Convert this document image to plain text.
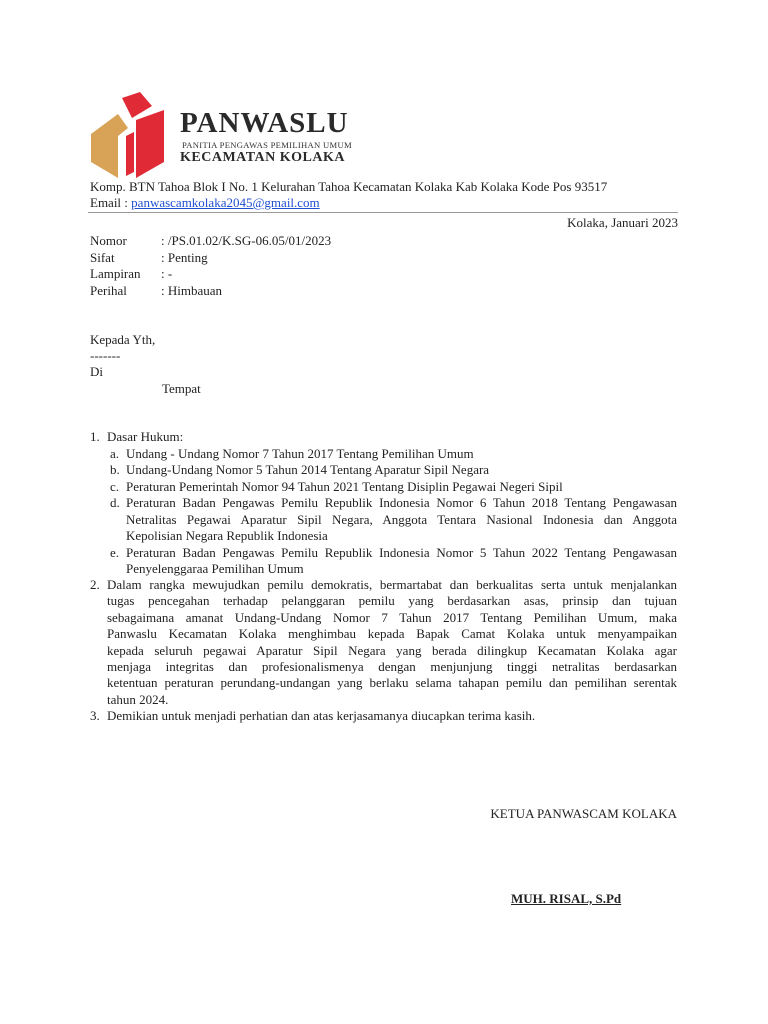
PANWASLU
PANITIA PENGAWAS PEMILIHAN UMUM
KECAMATAN KOLAKA
Komp. BTN Tahoa Blok I No. 1 Kelurahan Tahoa Kecamatan Kolaka Kab Kolaka Kode Pos 93517
Email : panwascamkolaka2045@gmail.com
Kolaka, Januari 2023
Nomor	: /PS.01.02/K.SG-06.05/01/2023
Sifat	: Penting
Lampiran : -
Perihal	: Himbauan
Kepada Yth,
-------
Di
Tempat
1. Dasar Hukum:
a. Undang - Undang Nomor 7 Tahun 2017 Tentang Pemilihan Umum
b. Undang-Undang Nomor 5 Tahun 2014 Tentang Aparatur Sipil Negara
c. Peraturan Pemerintah Nomor 94 Tahun 2021 Tentang Disiplin Pegawai Negeri Sipil
d. Peraturan Badan Pengawas Pemilu Republik Indonesia Nomor 6 Tahun 2018 Tentang Pengawasan
Netralitas Pegawai Aparatur Sipil Negara, Anggota Tentara Nasional Indonesia dan Anggota
Kepolisian Negara Republik Indonesia
e. Peraturan Badan Pengawas Pemilu Republik Indonesia Nomor 5 Tahun 2022 Tentang Pengawasan
Penyelenggaraa Pemilihan Umum
2. Dalam rangka mewujudkan pemilu demokratis, bermartabat dan berkualitas serta untuk menjalankan
tugas pencegahan terhadap pelanggaran pemilu yang berdasarkan asas, prinsip dan tujuan
sebagaimana amanat Undang-Undang Nomor 7 Tahun 2017 Tentang Pemilihan Umum, maka
Panwaslu Kecamatan Kolaka menghimbau kepada Bapak Camat Kolaka untuk menyampaikan
kepada seluruh pegawai Aparatur Sipil Negara yang berada dilingkup Kecamatan Kolaka agar
menjaga integritas dan profesionalismenya dengan menjunjung tinggi netralitas berdasarkan
ketentuan peraturan perundang-undangan yang berlaku selama tahapan pemilu dan pemilihan serentak
tahun 2024.
3. Demikian untuk menjadi perhatian dan atas kerjasamanya diucapkan terima kasih.
KETUA PANWASCAM KOLAKA
MUH. RISAL, S.Pd
